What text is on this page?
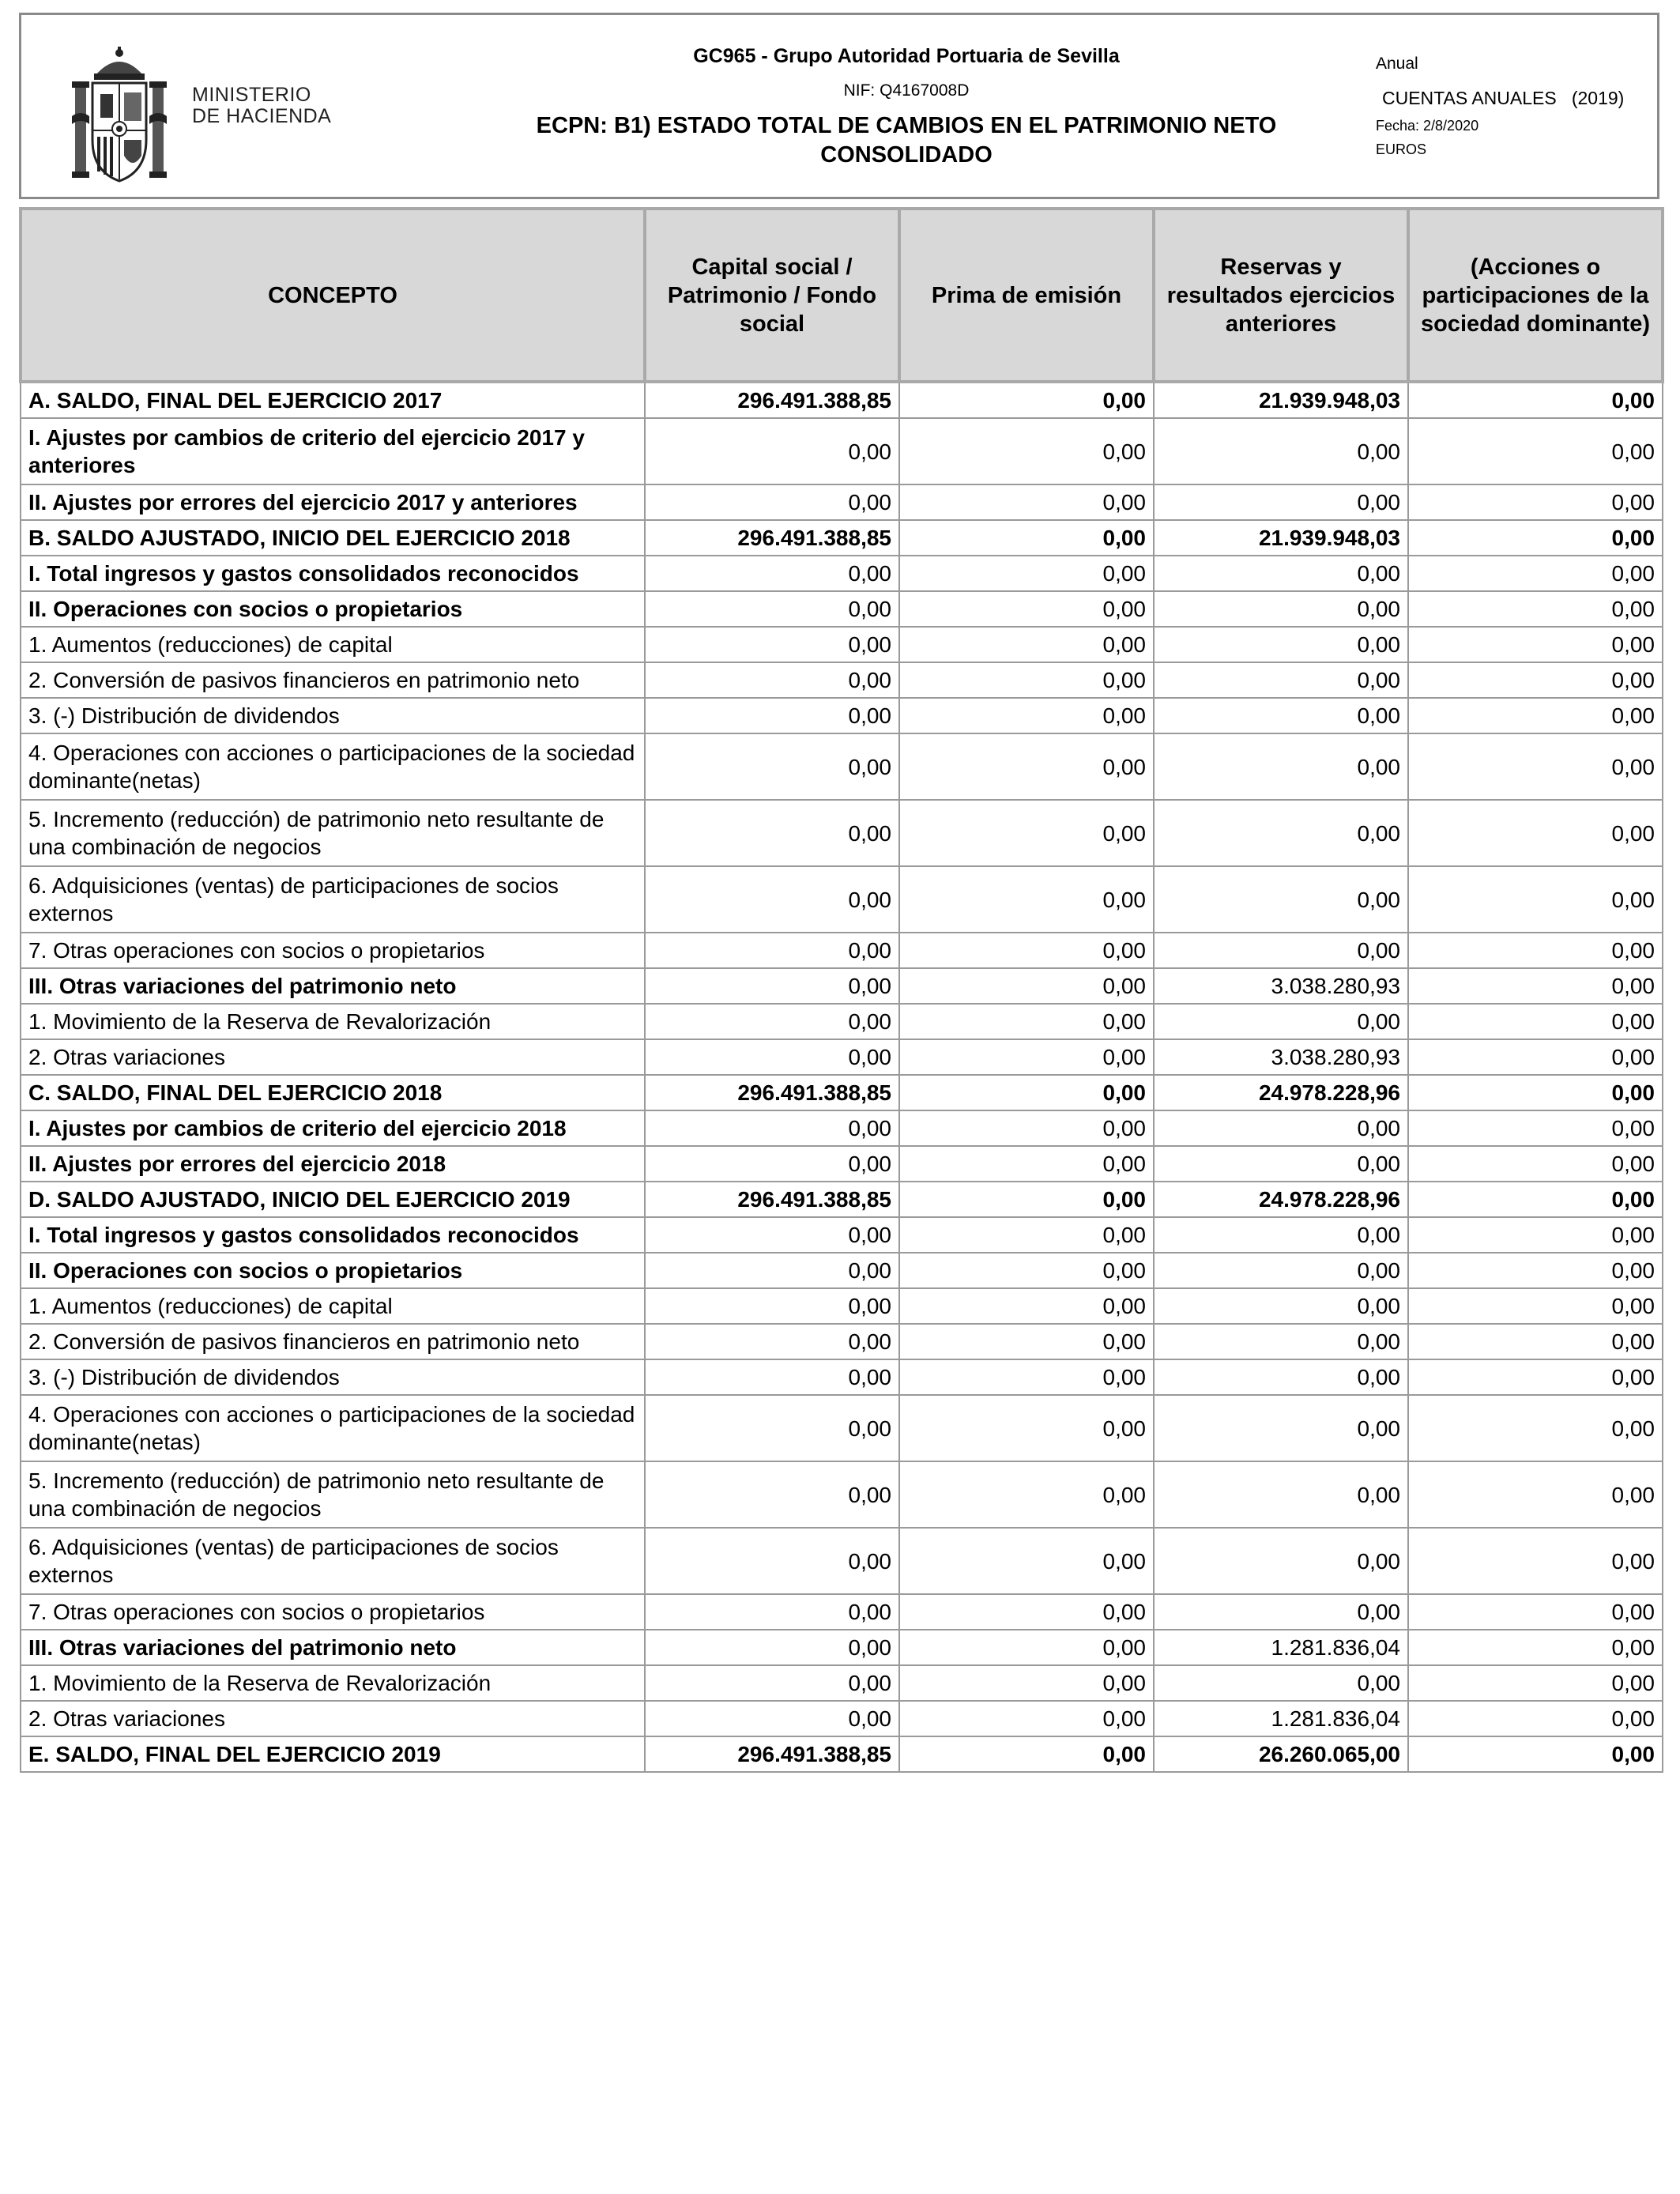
MINISTERIO
DE HACIENDA
GC965 - Grupo Autoridad Portuaria de Sevilla
NIF: Q4167008D
ECPN: B1) ESTADO TOTAL DE CAMBIOS EN EL PATRIMONIO NETO
CONSOLIDADO
Anual
CUENTAS ANUALES   (2019)
Fecha: 2/8/2020
EUROS
CONCEPTO	Capital social / Patrimonio / Fondo social	Prima de emisión	Reservas y resultados ejercicios anteriores	(Acciones o participaciones de la sociedad dominante)
A. SALDO, FINAL DEL EJERCICIO 2017	296.491.388,85	0,00	21.939.948,03	0,00
I. Ajustes por cambios de criterio del ejercicio 2017 y anteriores	0,00	0,00	0,00	0,00
II. Ajustes por errores del ejercicio 2017 y anteriores	0,00	0,00	0,00	0,00
B. SALDO AJUSTADO, INICIO DEL EJERCICIO 2018	296.491.388,85	0,00	21.939.948,03	0,00
I. Total ingresos y gastos consolidados reconocidos	0,00	0,00	0,00	0,00
II. Operaciones con socios o propietarios	0,00	0,00	0,00	0,00
1. Aumentos (reducciones) de capital	0,00	0,00	0,00	0,00
2. Conversión de pasivos financieros en patrimonio neto	0,00	0,00	0,00	0,00
3. (-) Distribución de dividendos	0,00	0,00	0,00	0,00
4. Operaciones con acciones o participaciones de la sociedad dominante(netas)	0,00	0,00	0,00	0,00
5. Incremento (reducción) de patrimonio neto resultante de una combinación de negocios	0,00	0,00	0,00	0,00
6. Adquisiciones (ventas) de participaciones de socios externos	0,00	0,00	0,00	0,00
7. Otras operaciones con socios o propietarios	0,00	0,00	0,00	0,00
III. Otras variaciones del patrimonio neto	0,00	0,00	3.038.280,93	0,00
1. Movimiento de la Reserva de Revalorización	0,00	0,00	0,00	0,00
2. Otras variaciones	0,00	0,00	3.038.280,93	0,00
C. SALDO, FINAL DEL EJERCICIO 2018	296.491.388,85	0,00	24.978.228,96	0,00
I. Ajustes por cambios de criterio del ejercicio 2018	0,00	0,00	0,00	0,00
II. Ajustes por errores del ejercicio 2018	0,00	0,00	0,00	0,00
D. SALDO AJUSTADO, INICIO DEL EJERCICIO 2019	296.491.388,85	0,00	24.978.228,96	0,00
I. Total ingresos y gastos consolidados reconocidos	0,00	0,00	0,00	0,00
II. Operaciones con socios o propietarios	0,00	0,00	0,00	0,00
1. Aumentos (reducciones) de capital	0,00	0,00	0,00	0,00
2. Conversión de pasivos financieros en patrimonio neto	0,00	0,00	0,00	0,00
3. (-) Distribución de dividendos	0,00	0,00	0,00	0,00
4. Operaciones con acciones o participaciones de la sociedad dominante(netas)	0,00	0,00	0,00	0,00
5. Incremento (reducción) de patrimonio neto resultante de una combinación de negocios	0,00	0,00	0,00	0,00
6. Adquisiciones (ventas) de participaciones de socios externos	0,00	0,00	0,00	0,00
7. Otras operaciones con socios o propietarios	0,00	0,00	0,00	0,00
III. Otras variaciones del patrimonio neto	0,00	0,00	1.281.836,04	0,00
1. Movimiento de la Reserva de Revalorización	0,00	0,00	0,00	0,00
2. Otras variaciones	0,00	0,00	1.281.836,04	0,00
E. SALDO, FINAL DEL EJERCICIO 2019	296.491.388,85	0,00	26.260.065,00	0,00
